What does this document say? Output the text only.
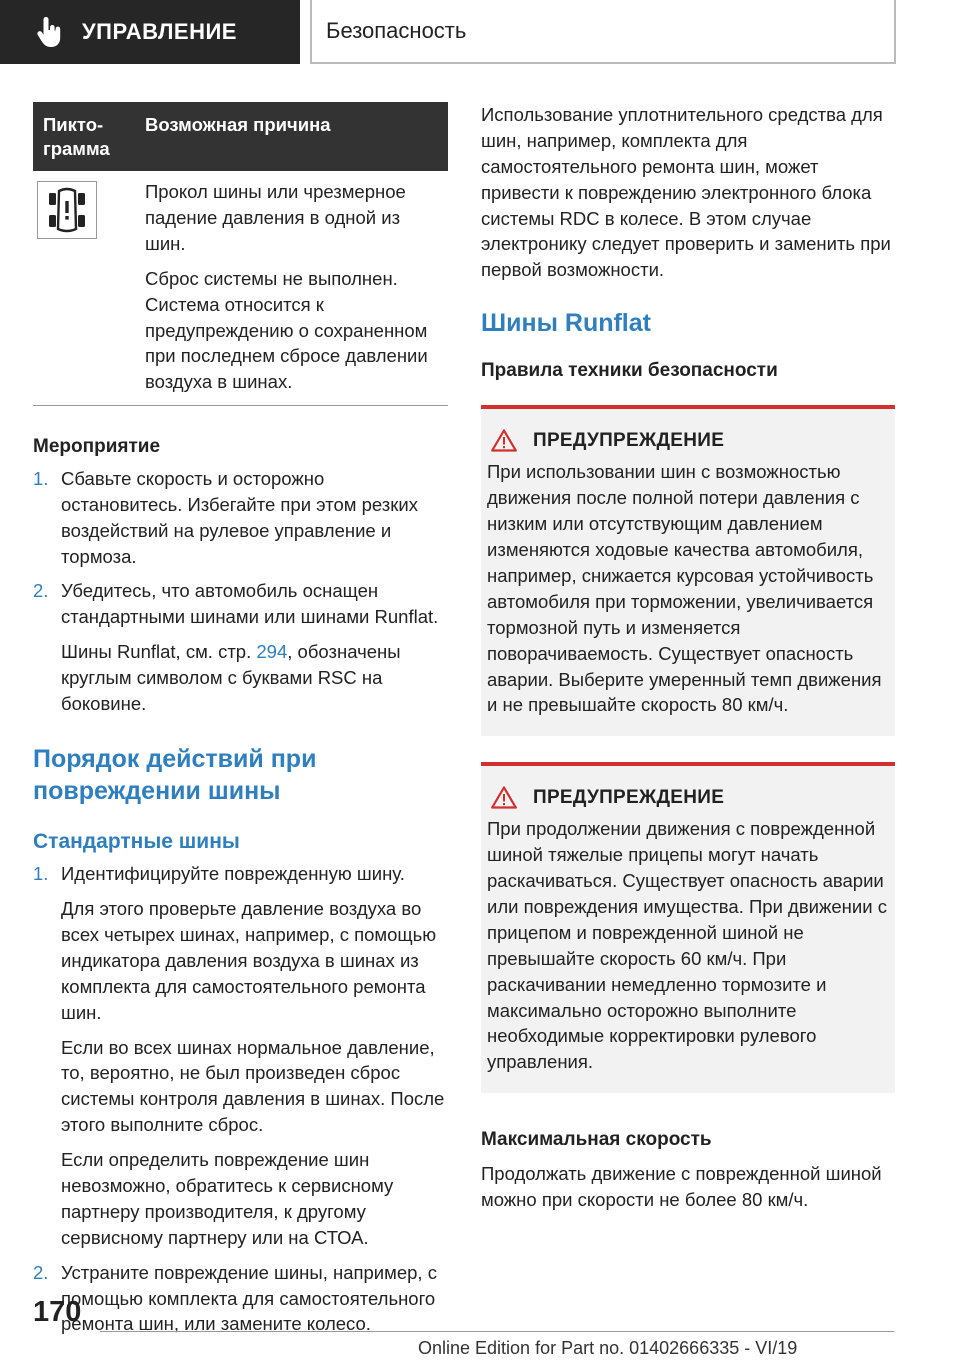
УПРАВЛЕНИЕ	Безопасность
Пикто-
грамма	Возможная причина

Прокол шины или чрезмерное падение давления в одной из шин.

Сброс системы не выполнен. Система относится к предупреждению о сохраненном при последнем сбросе давлении воздуха в шинах.

Мероприятие
1. Сбавьте скорость и осторожно остановитесь. Избегайте при этом резких воздействий на рулевое управление и тормоза.

2. Убедитесь, что автомобиль оснащен стандартными шинами или шинами Runflat.

Шины Runflat, см. стр. 294, обозначены круглым символом с буквами RSC на боковине.

Порядок действий при повреждении шины
Стандартные шины
1. Идентифицируйте поврежденную шину.

Для этого проверьте давление воздуха во всех четырех шинах, например, с помощью индикатора давления воздуха в шинах из комплекта для самостоятельного ремонта шин.

Если во всех шинах нормальное давление, то, вероятно, не был произведен сброс системы контроля давления в шинах. После этого выполните сброс.

Если определить повреждение шин невозможно, обратитесь к сервисному партнеру производителя, к другому сервисному партнеру или на СТОА.

2. Устраните повреждение шины, например, с помощью комплекта для самостоятельного ремонта шин, или замените колесо.

Использование уплотнительного средства для шин, например, комплекта для самостоятельного ремонта шин, может привести к повреждению электронного блока системы RDC в колесе. В этом случае электронику следует проверить и заменить при первой возможности.

Шины Runflat
Правила техники безопасности
ПРЕДУПРЕЖДЕНИЕ

При использовании шин с возможностью движения после полной потери давления с низким или отсутствующим давлением изменяются ходовые качества автомобиля, например, снижается курсовая устойчивость автомобиля при торможении, увеличивается тормозной путь и изменяется поворачиваемость. Существует опасность аварии. Выберите умеренный темп движения и не превышайте скорость 80 км/ч.

ПРЕДУПРЕЖДЕНИЕ

При продолжении движения с поврежденной шиной тяжелые прицепы могут начать раскачиваться. Существует опасность аварии или повреждения имущества. При движении с прицепом и поврежденной шиной не превышайте скорость 60 км/ч. При раскачивании немедленно тормозите и максимально осторожно выполните необходимые корректировки рулевого управления.

Максимальная скорость

Продолжать движение с поврежденной шиной можно при скорости не более 80 км/ч.

170
Online Edition for Part no. 01402666335 - VI/19
